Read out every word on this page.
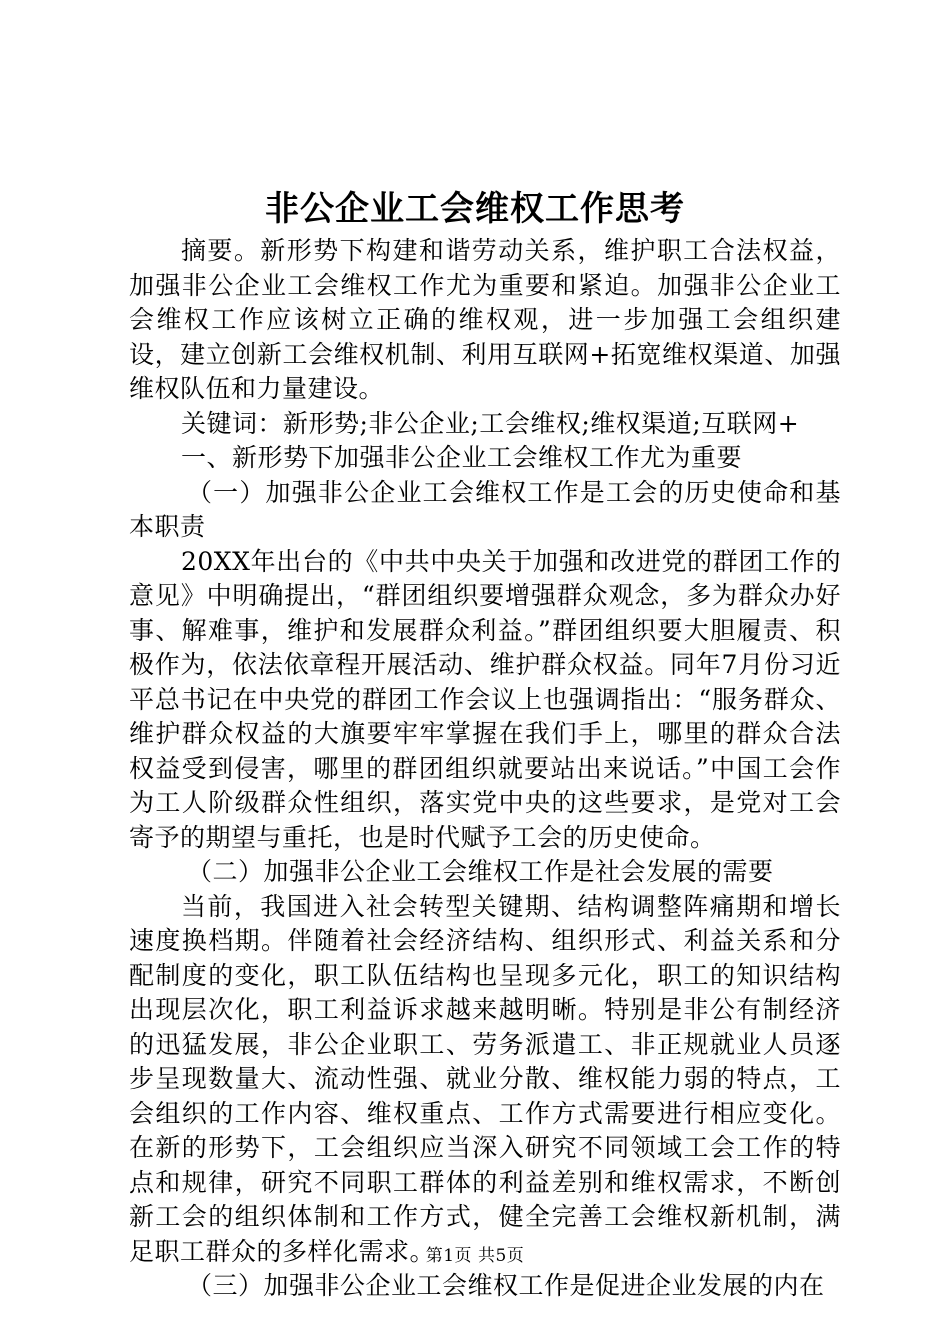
非公企业工会维权工作思考

摘要。新形势下构建和谐劳动关系，维护职工合法权益，加强非公企业工会维权工作尤为重要和紧迫。加强非公企业工会维权工作应该树立正确的维权观，进一步加强工会组织建设，建立创新工会维权机制、利用互联网+拓宽维权渠道、加强维权队伍和力量建设。

关键词：新形势;非公企业;工会维权;维权渠道;互联网+

一、新形势下加强非公企业工会维权工作尤为重要

（一）加强非公企业工会维权工作是工会的历史使命和基本职责

20XX年出台的《中共中央关于加强和改进党的群团工作的意见》中明确提出，“群团组织要增强群众观念，多为群众办好事、解难事，维护和发展群众利益。”群团组织要大胆履责、积极作为，依法依章程开展活动、维护群众权益。同年7月份习近平总书记在中央党的群团工作会议上也强调指出：“服务群众、维护群众权益的大旗要牢牢掌握在我们手上，哪里的群众合法权益受到侵害，哪里的群团组织就要站出来说话。”中国工会作为工人阶级群众性组织，落实党中央的这些要求，是党对工会寄予的期望与重托，也是时代赋予工会的历史使命。

（二）加强非公企业工会维权工作是社会发展的需要

当前，我国进入社会转型关键期、结构调整阵痛期和增长速度换档期。伴随着社会经济结构、组织形式、利益关系和分配制度的变化，职工队伍结构也呈现多元化，职工的知识结构出现层次化，职工利益诉求越来越明晰。特别是非公有制经济的迅猛发展，非公企业职工、劳务派遣工、非正规就业人员逐步呈现数量大、流动性强、就业分散、维权能力弱的特点，工会组织的工作内容、维权重点、工作方式需要进行相应变化。在新的形势下，工会组织应当深入研究不同领域工会工作的特点和规律，研究不同职工群体的利益差别和维权需求，不断创新工会的组织体制和工作方式，健全完善工会维权新机制，满足职工群众的多样化需求。

（三）加强非公企业工会维权工作是促进企业发展的内在

第1页 共5页
